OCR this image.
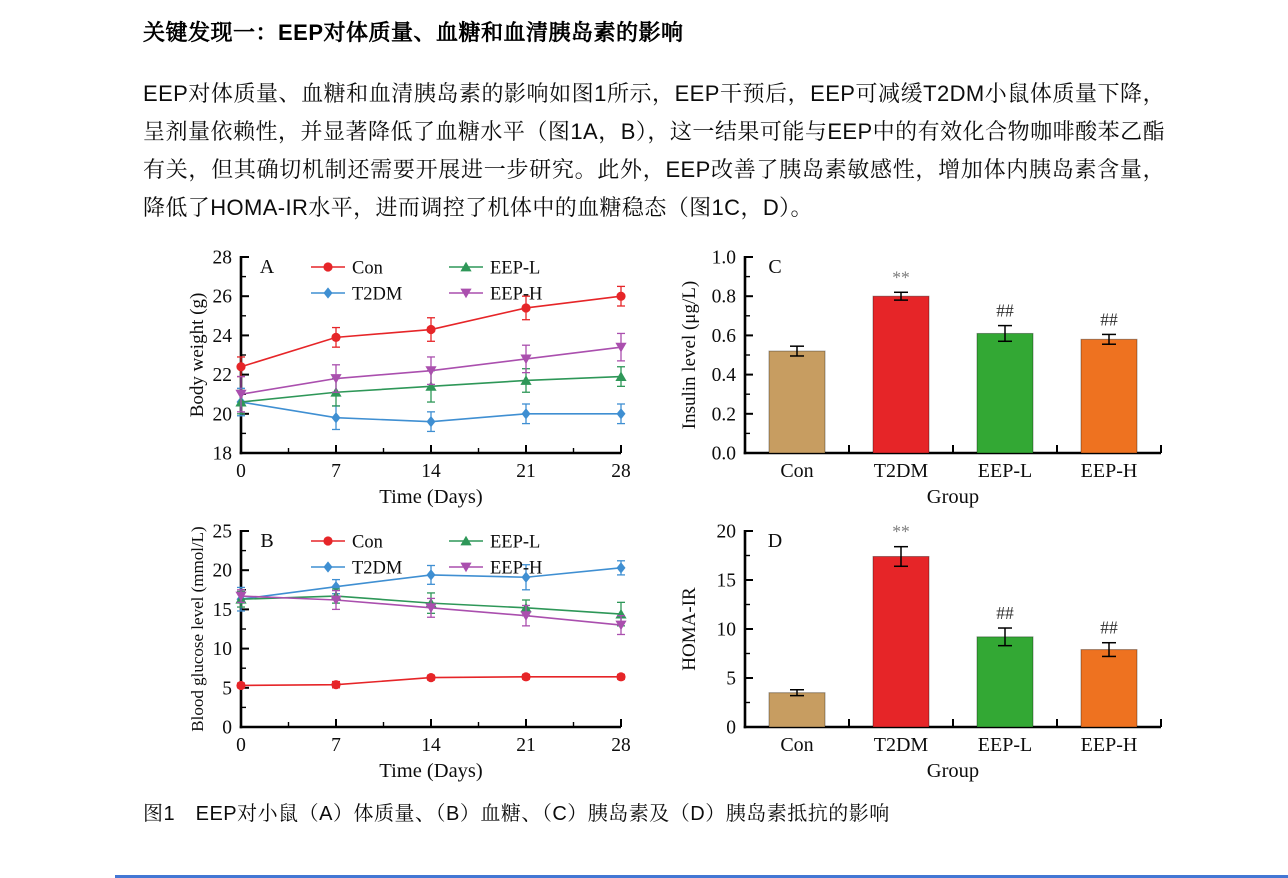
关键发现一：EEP对体质量、血糖和血清胰岛素的影响

EEP对体质量、血糖和血清胰岛素的影响如图1所示，EEP干预后，EEP可减缓T2DM小鼠体质量下降，呈剂量依赖性，并显著降低了血糖水平（图1A，B），这一结果可能与EEP中的有效化合物咖啡酸苯乙酯有关，但其确切机制还需要开展进一步研究。此外，EEP改善了胰岛素敏感性，增加体内胰岛素含量，降低了HOMA-IR水平，进而调控了机体中的血糖稳态（图1C，D）。

18
20
22
24
26
28
Body weight (g)
Time (Days)
0	7	14	21	28
A	Con
T2DM
EEP-L
EEP-H
0.0
0.2
0.4
0.6
0.8
1.0
Insulin level (μg/L)
Group
Con
**
T2DM
##
EEP-L
##
EEP-H
C
0
5
10
15
20
25
Blood glucose level (mmol/L)
Time (Days)
0	7	14	21	28
B	Con
T2DM
EEP-L
EEP-H
0
5
10
15
20
HOMA-IR
Group
Con
**
T2DM
##
EEP-L
##
EEP-H
D

图1　EEP对小鼠（A）体质量、（B）血糖、（C）胰岛素及（D）胰岛素抵抗的影响
